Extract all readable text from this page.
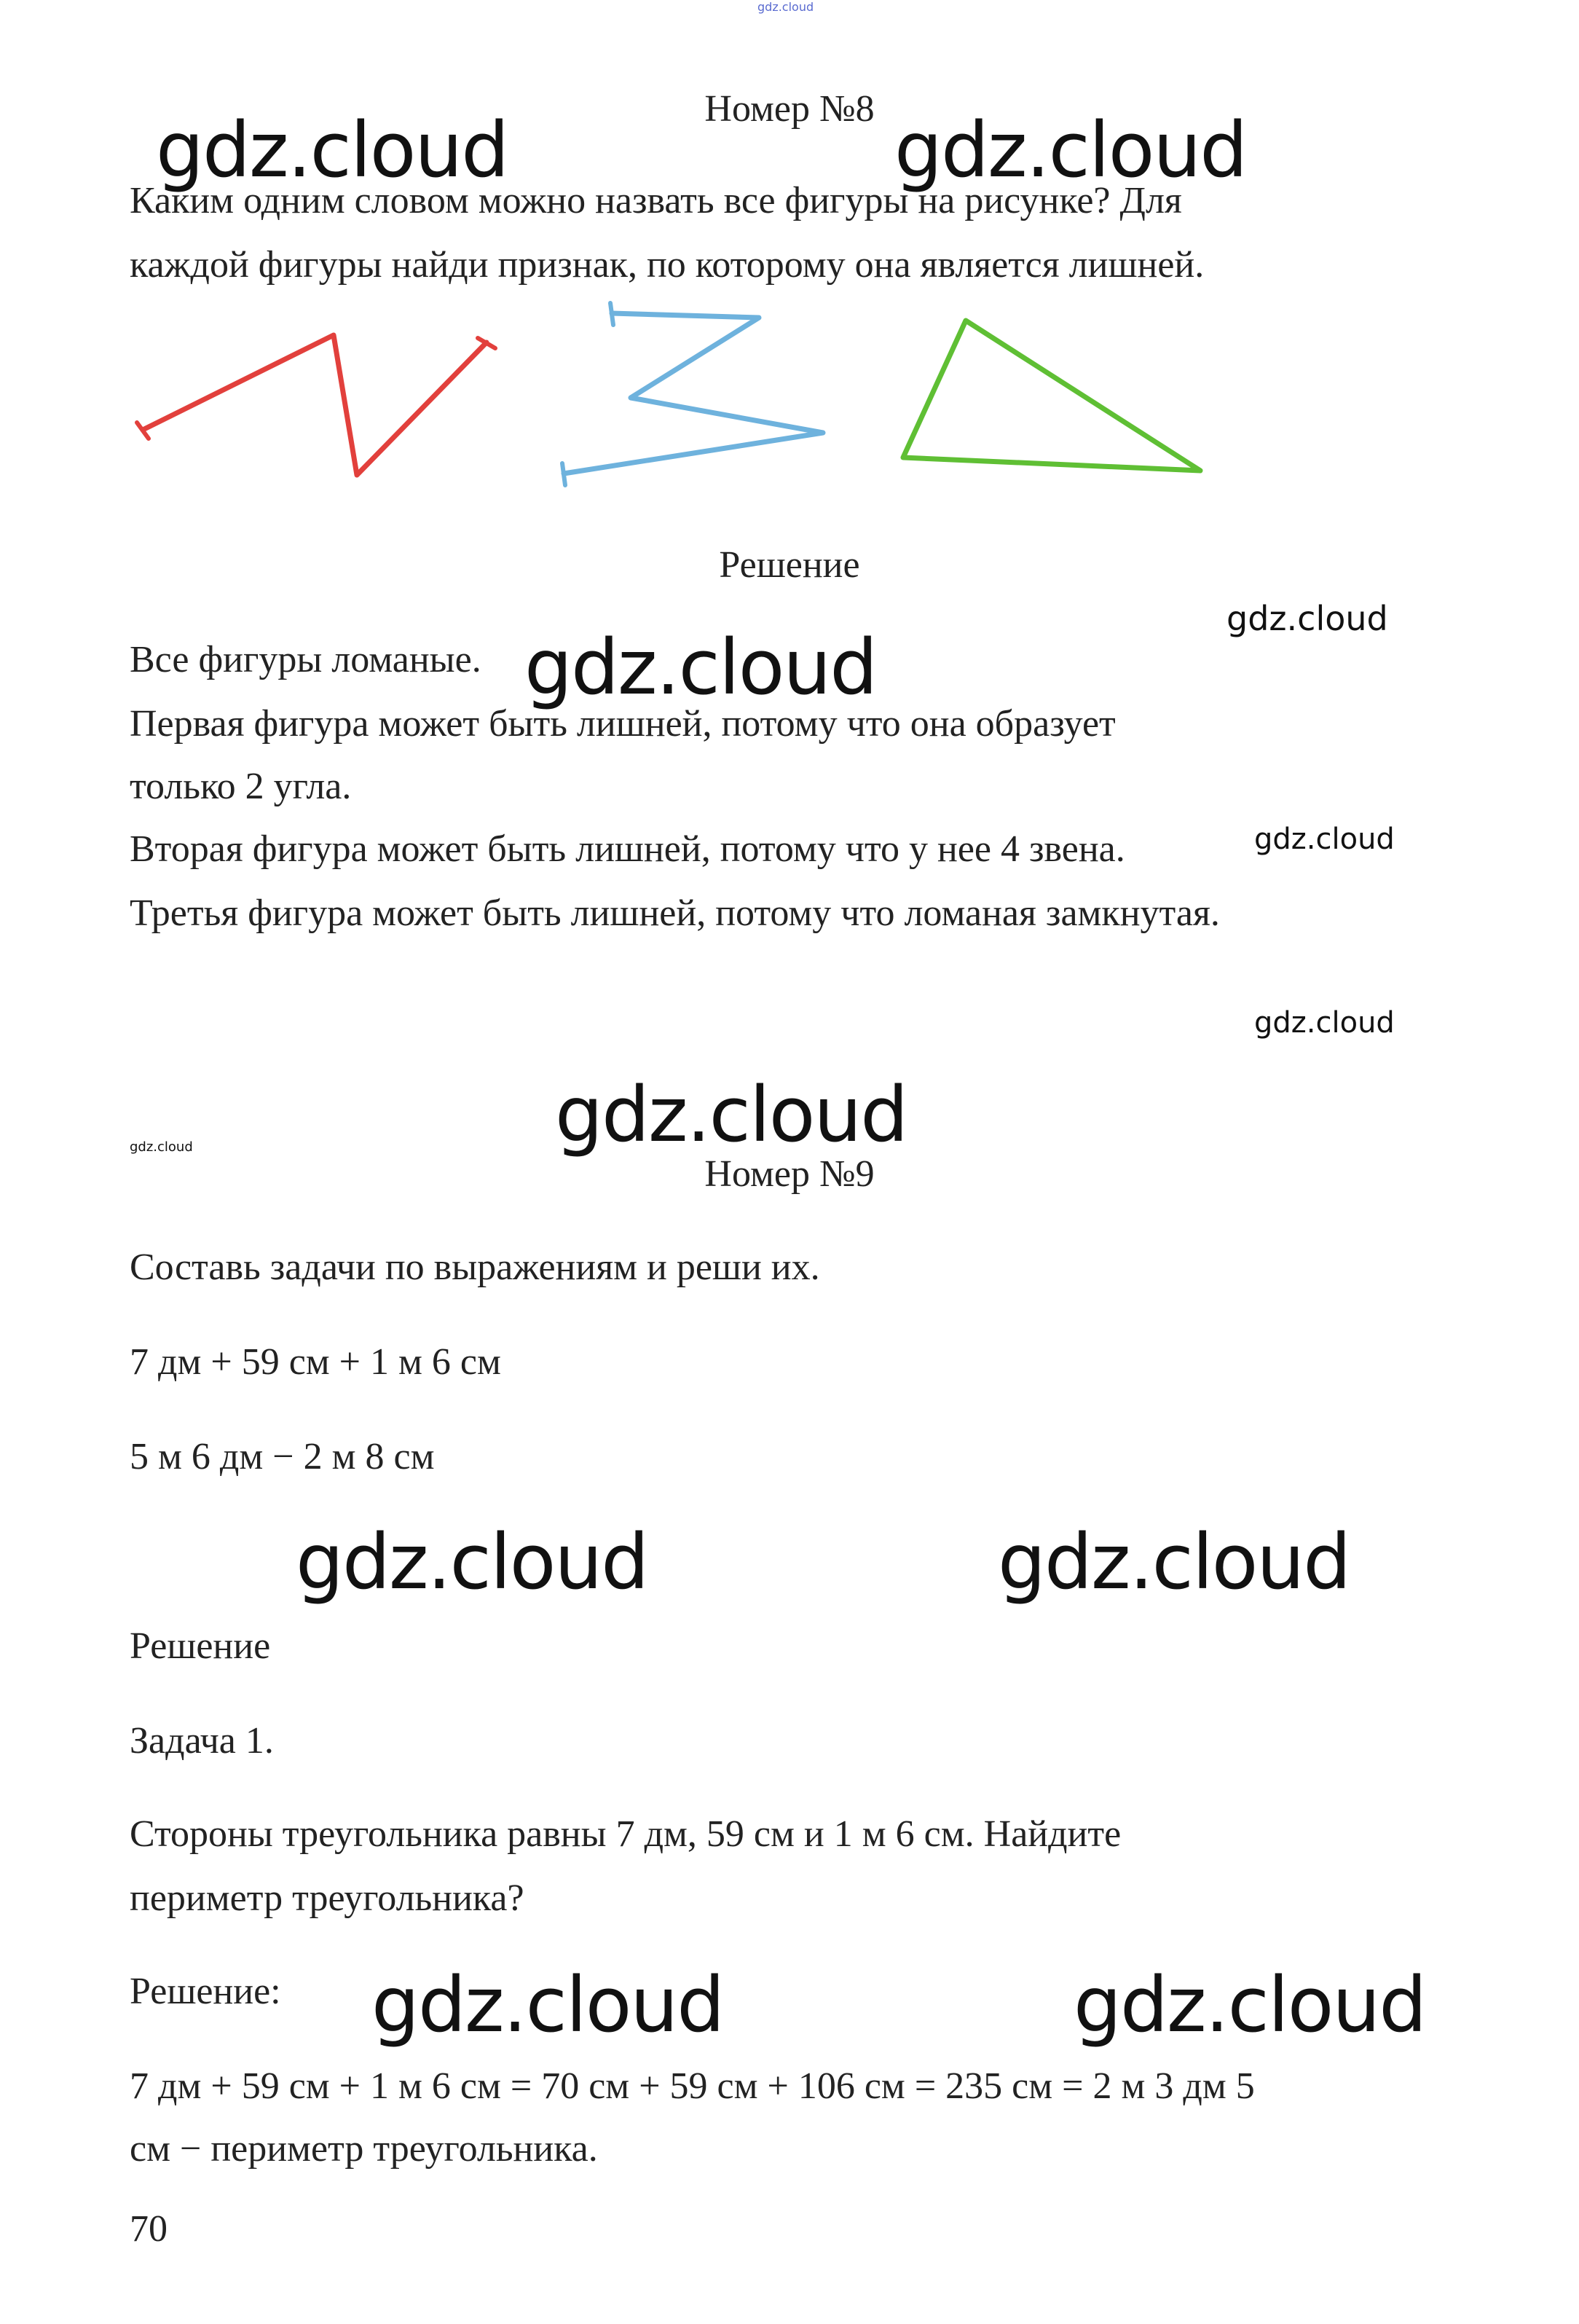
gdz.cloud

Номер №8

Каким одним словом можно назвать все фигуры на рисунке? Для

каждой фигуры найди признак, по которому она является лишней.

Решение

Все фигуры ломаные.

Первая фигура может быть лишней, потому что она образует

только 2 угла.

Вторая фигура может быть лишней, потому что у нее 4 звена.

Третья фигура может быть лишней, потому что ломаная замкнутая.

Номер №9

Составь задачи по выражениям и реши их.

7 дм + 59 см + 1 м 6 см

5 м 6 дм − 2 м 8 см

Решение

Задача 1.

Стороны треугольника равны 7 дм, 59 см и 1 м 6 см. Найдите

периметр треугольника?

Решение:

7 дм + 59 см + 1 м 6 см = 70 см + 59 см + 106 см = 235 см = 2 м 3 дм 5

см − периметр треугольника.

70
gdz.cloud	gdz.cloud
gdz.cloud
gdz.cloud
gdz.cloud
gdz.cloud
gdz.cloud	gdz.cloud
gdz.cloud	gdz.cloud
gdz.cloud	gdz.cloud
